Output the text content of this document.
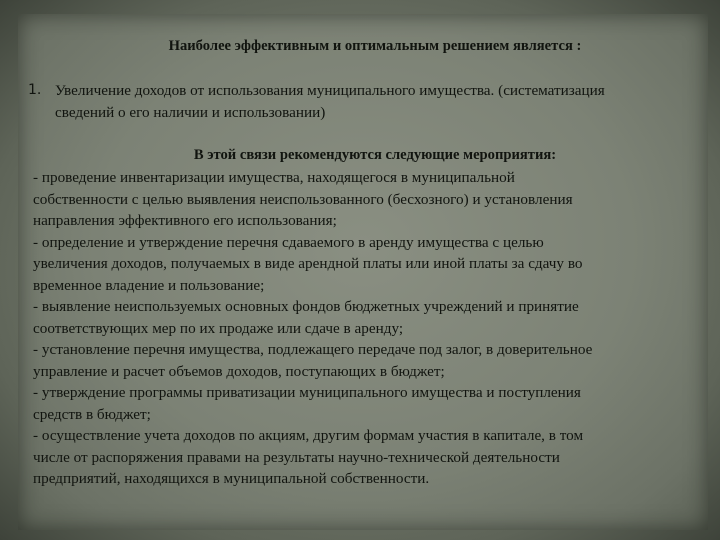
Наиболее эффективным и оптимальным решением является :
1. Увеличение доходов от использования муниципального имущества. (систематизация
сведений о его наличии и использовании)
В этой связи рекомендуются следующие мероприятия:
- проведение инвентаризации имущества, находящегося в муниципальной
собственности с целью выявления неиспользованного (бесхозного) и установления
направления эффективного его использования;
- определение и утверждение перечня сдаваемого в аренду имущества с целью
увеличения доходов, получаемых в виде арендной платы или иной платы за сдачу во
временное владение и пользование;
- выявление неиспользуемых основных фондов бюджетных учреждений и принятие
соответствующих мер по их продаже или сдаче в аренду;
- установление перечня имущества, подлежащего передаче под залог, в доверительное
управление и расчет объемов доходов, поступающих в бюджет;
- утверждение программы приватизации муниципального имущества и поступления
средств в бюджет;
- осуществление учета доходов по акциям, другим формам участия в капитале, в том
числе от распоряжения правами на результаты научно-технической деятельности
предприятий, находящихся в муниципальной собственности.
